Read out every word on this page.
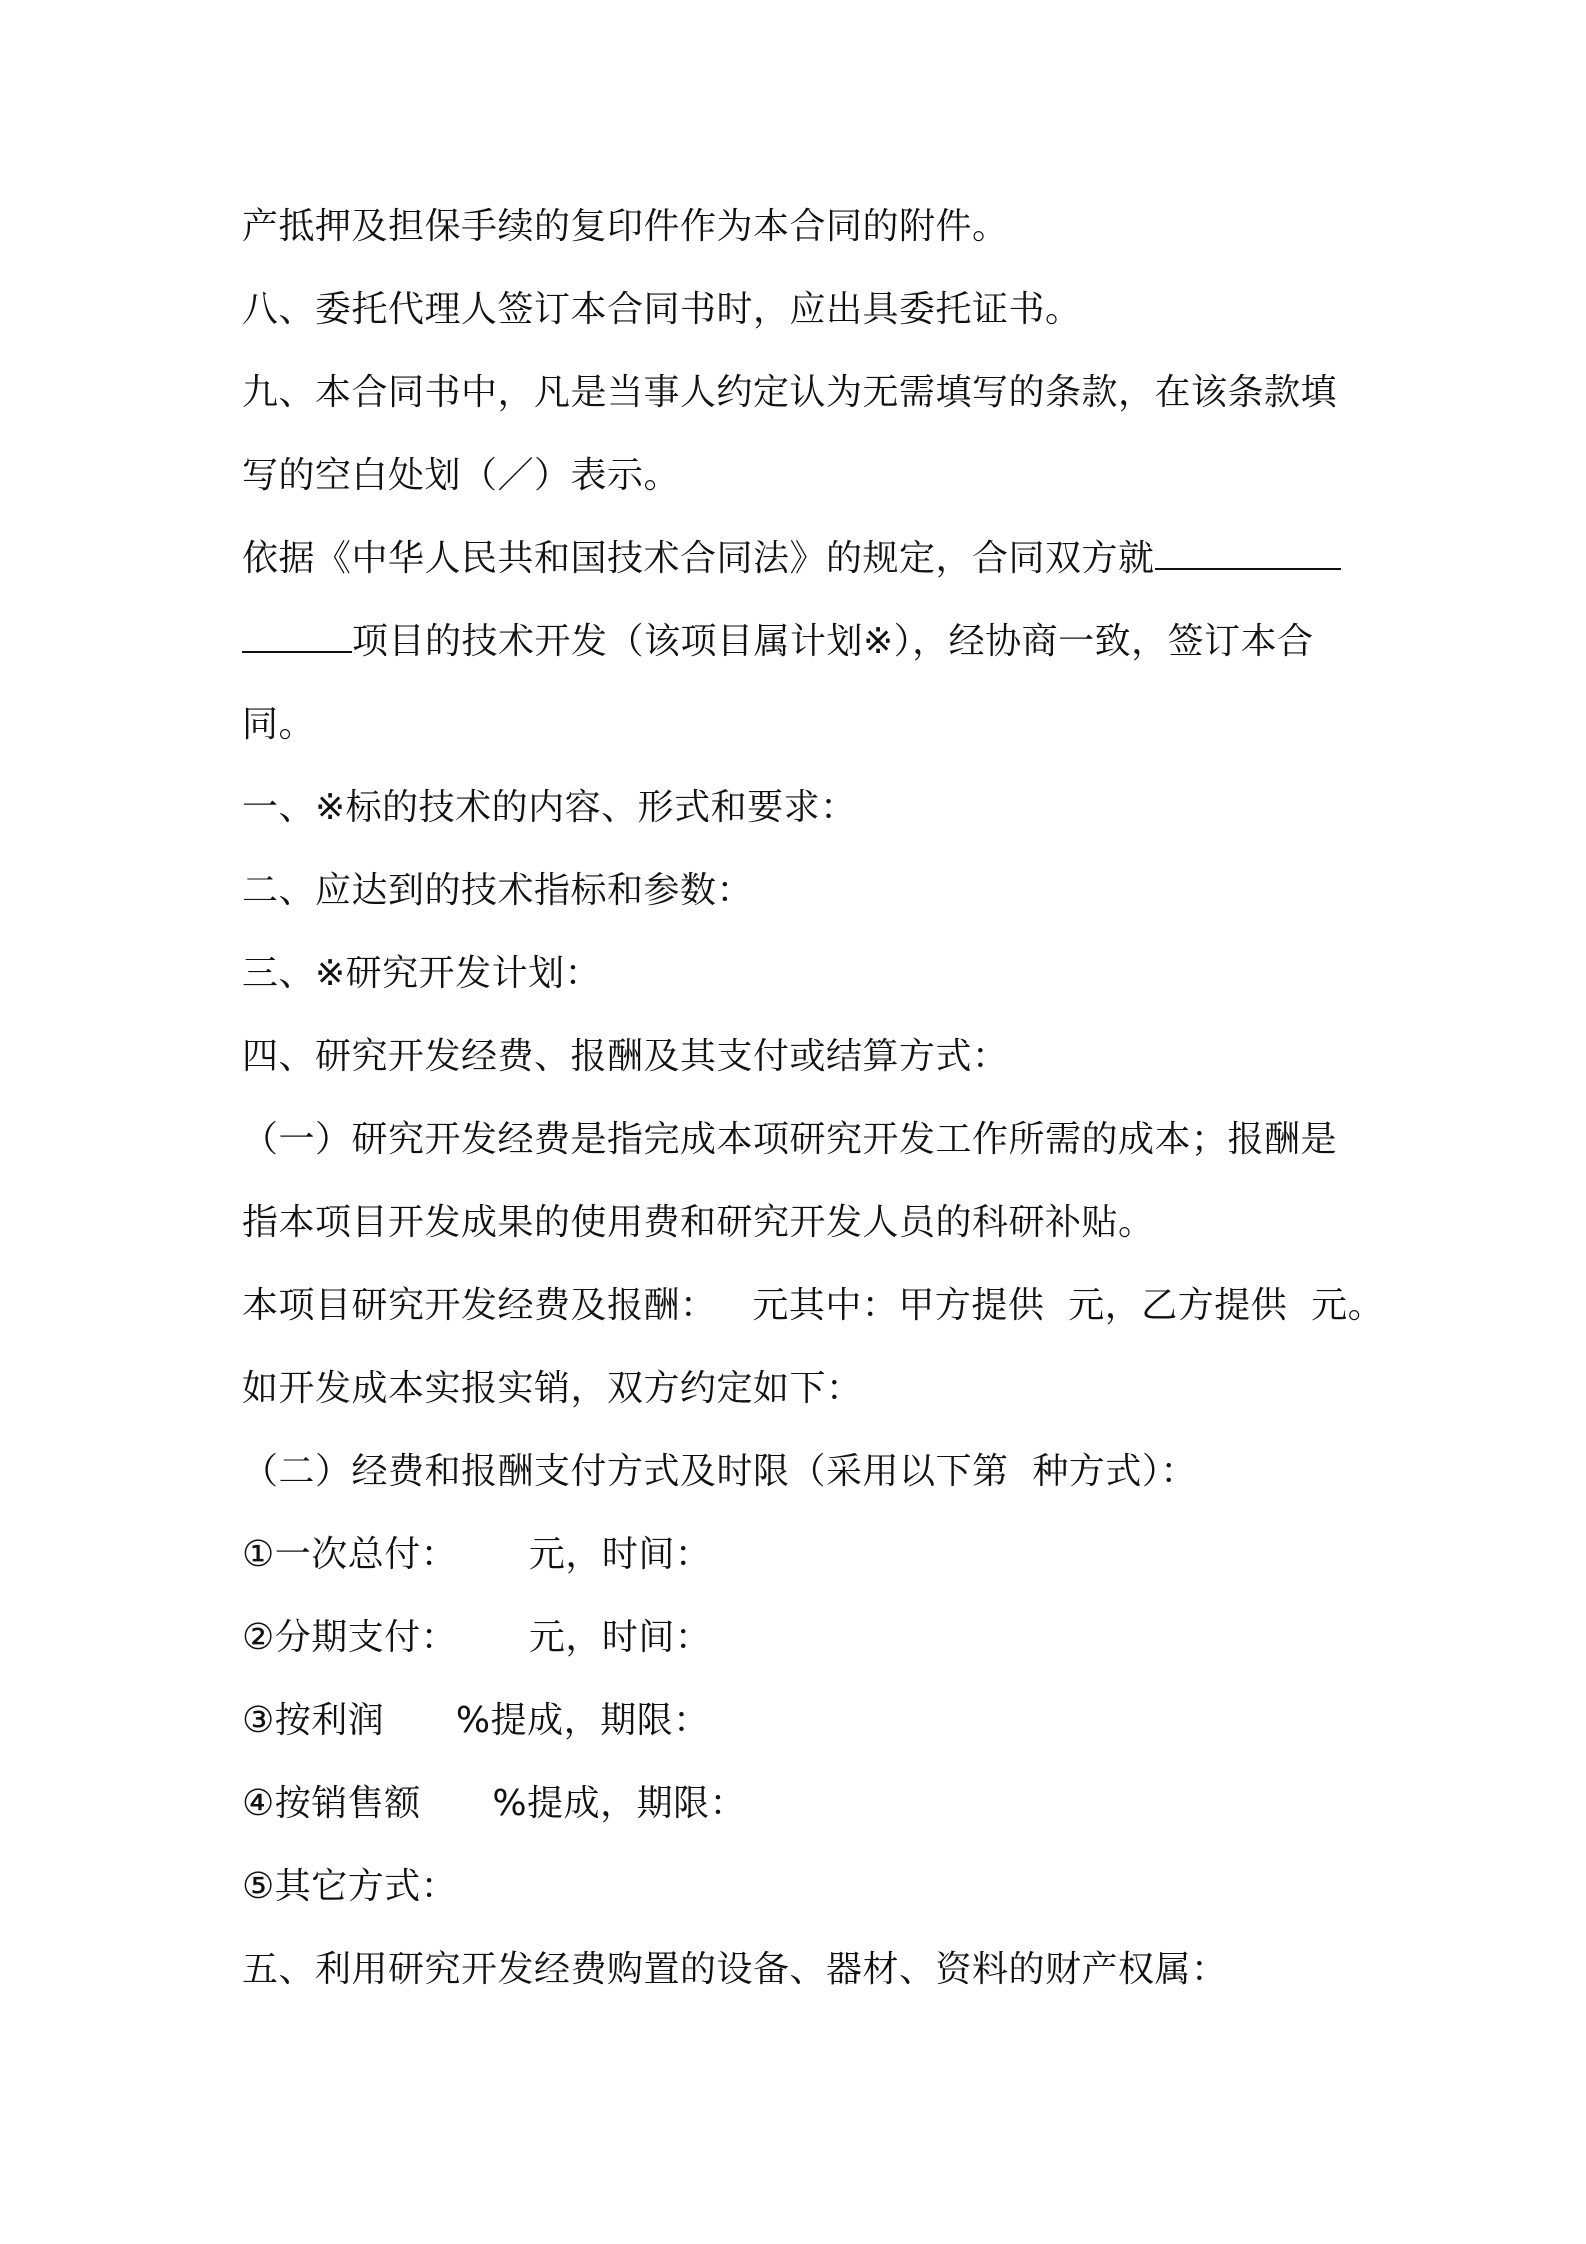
产抵押及担保手续的复印件作为本合同的附件。
八、委托代理人签订本合同书时，应出具委托证书。
九、本合同书中，凡是当事人约定认为无需填写的条款，在该条款填
写的空白处划（／）表示。
依据《中华人民共和国技术合同法》的规定，合同双方就
项目的技术开发（该项目属计划※），经协商一致，签订本合
同。
一、※标的技术的内容、形式和要求：
二、应达到的技术指标和参数：
三、※研究开发计划：
四、研究开发经费、报酬及其支付或结算方式：
（一）研究开发经费是指完成本项研究开发工作所需的成本；报酬是
指本项目开发成果的使用费和研究开发人员的科研补贴。
本项目研究开发经费及报酬：   元其中：甲方提供  元，乙方提供  元。
如开发成本实报实销，双方约定如下：
（二）经费和报酬支付方式及时限（采用以下第  种方式）：
①一次总付：      元，时间：
②分期支付：      元，时间：
③按利润      %提成，期限：
④按销售额      %提成，期限：
⑤其它方式：
五、利用研究开发经费购置的设备、器材、资料的财产权属：
